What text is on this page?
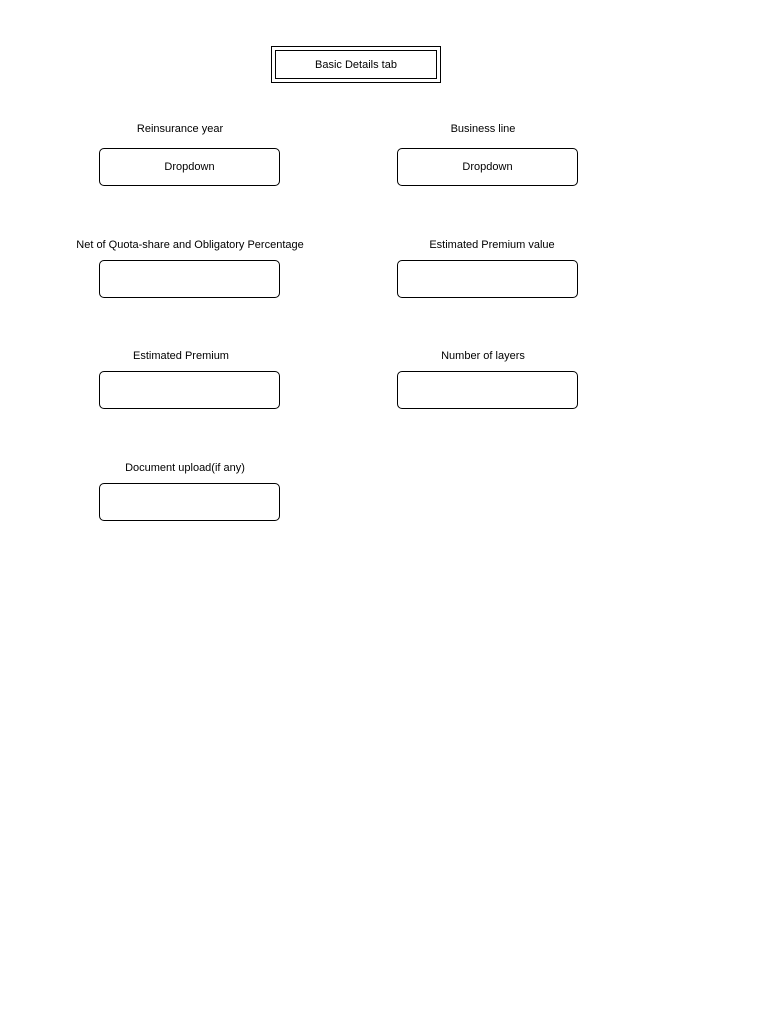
Basic Details tab
Reinsurance year
Dropdown
Business line
Dropdown
Net of Quota-share and Obligatory Percentage	Estimated Premium value
Estimated Premium	Number of layers
Document upload(if any)
